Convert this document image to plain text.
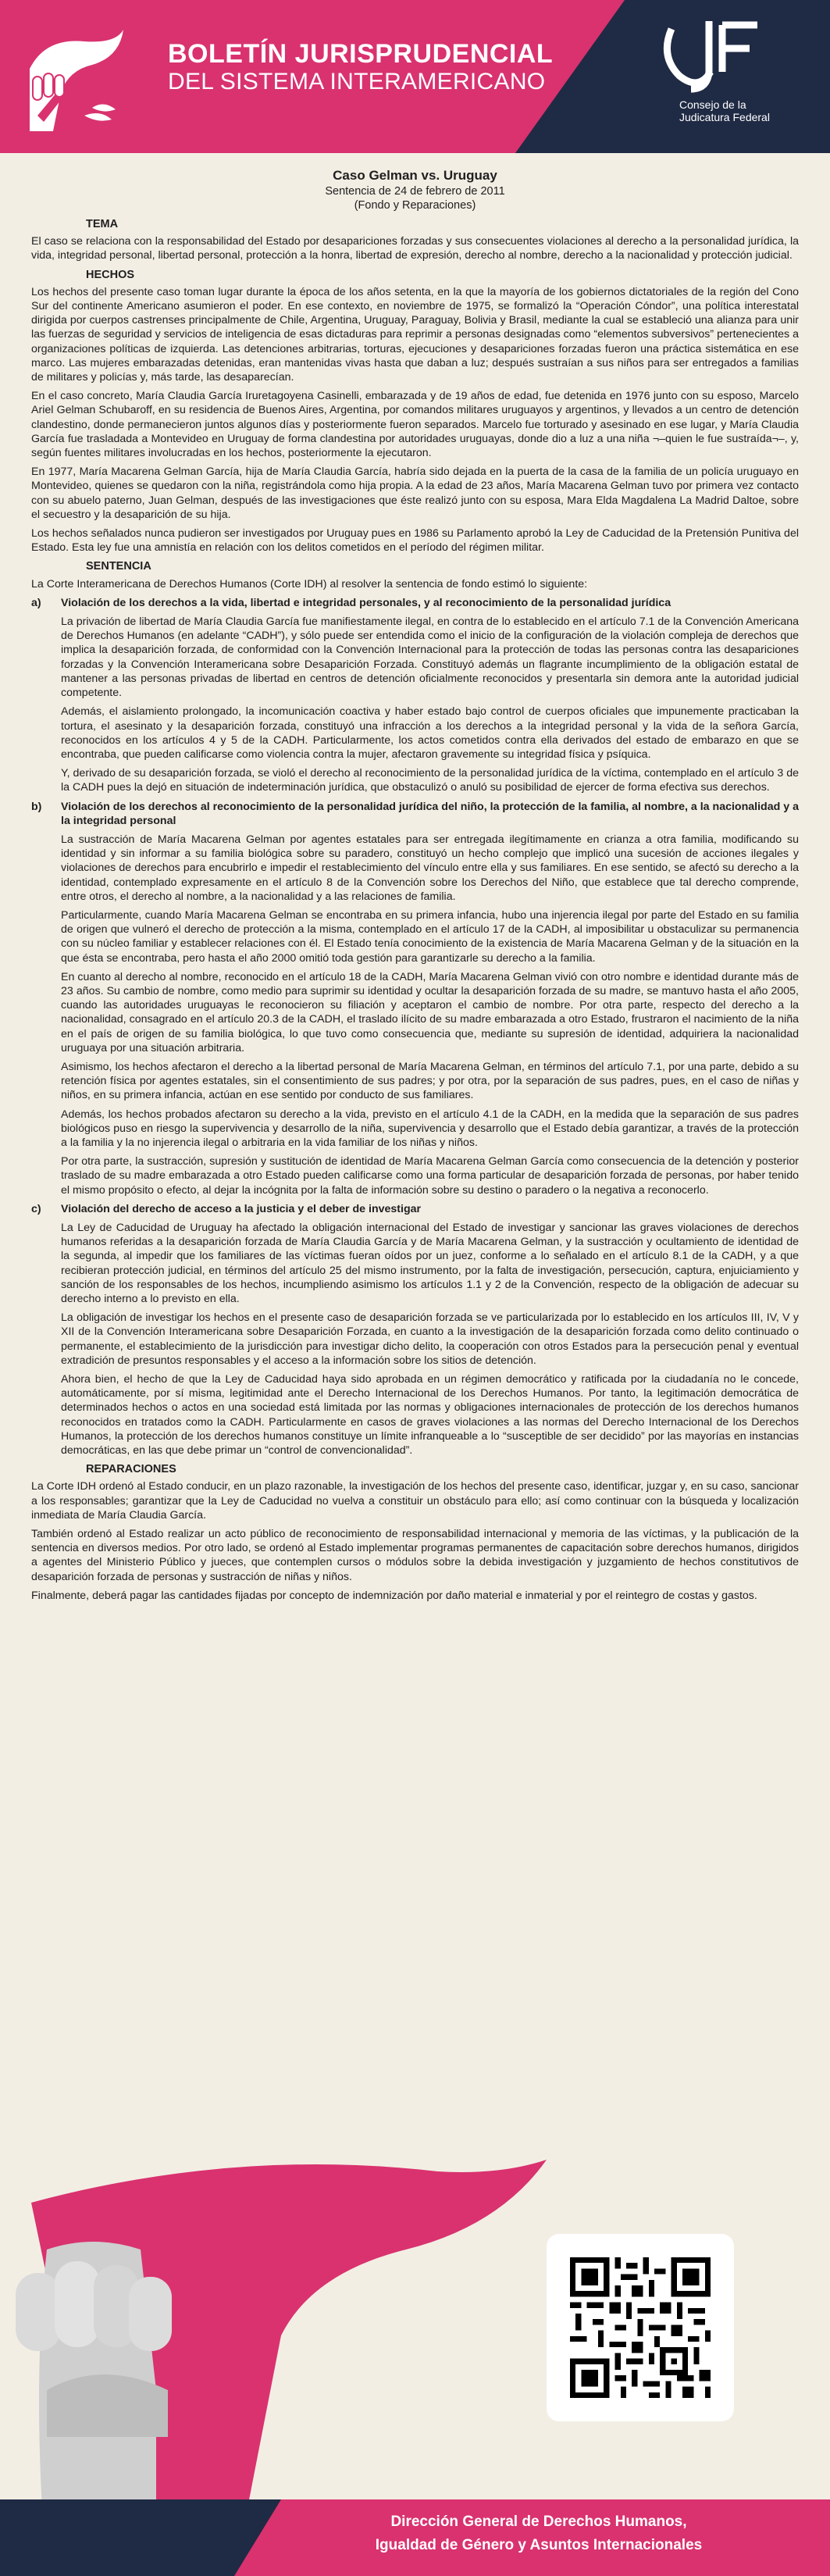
BOLETÍN JURISPRUDENCIAL
DEL SISTEMA INTERAMERICANO
Consejo de la Judicatura Federal
Caso Gelman vs. Uruguay
Sentencia de 24 de febrero de 2011
(Fondo y Reparaciones)
TEMA

El caso se relaciona con la responsabilidad del Estado por desapariciones forzadas y sus consecuentes violaciones al derecho a la personalidad jurídica, la vida, integridad personal, libertad personal, protección a la honra, libertad de expresión, derecho al nombre, derecho a la nacionalidad y protección judicial.

HECHOS

Los hechos del presente caso toman lugar durante la época de los años setenta, en la que la mayoría de los gobiernos dictatoriales de la región del Cono Sur del continente Americano asumieron el poder. En ese contexto, en noviembre de 1975, se formalizó la “Operación Cóndor”, una política interestatal dirigida por cuerpos castrenses principalmente de Chile, Argentina, Uruguay, Paraguay, Bolivia y Brasil, mediante la cual se estableció una alianza para unir las fuerzas de seguridad y servicios de inteligencia de esas dictaduras para reprimir a personas designadas como “elementos subversivos” pertenecientes a organizaciones políticas de izquierda. Las detenciones arbitrarias, torturas, ejecuciones y desapariciones forzadas fueron una práctica sistemática en ese marco. Las mujeres embarazadas detenidas, eran mantenidas vivas hasta que daban a luz; después sustraían a sus niños para ser entregados a familias de militares y policías y, más tarde, las desaparecían.

En el caso concreto, María Claudia García Iruretagoyena Casinelli, embarazada y de 19 años de edad, fue detenida en 1976 junto con su esposo, Marcelo Ariel Gelman Schubaroff, en su residencia de Buenos Aires, Argentina, por comandos militares uruguayos y argentinos, y llevados a un centro de detención clandestino, donde permanecieron juntos algunos días y posteriormente fueron separados. Marcelo fue torturado y asesinado en ese lugar, y María Claudia García fue trasladada a Montevideo en Uruguay de forma clandestina por autoridades uruguayas, donde dio a luz a una niña ¬–quien le fue sustraída¬–, y, según fuentes militares involucradas en los hechos, posteriormente la ejecutaron.

En 1977, María Macarena Gelman García, hija de María Claudia García, habría sido dejada en la puerta de la casa de la familia de un policía uruguayo en Montevideo, quienes se quedaron con la niña, registrándola como hija propia. A la edad de 23 años, María Macarena Gelman tuvo por primera vez contacto con su abuelo paterno, Juan Gelman, después de las investigaciones que éste realizó junto con su esposa, Mara Elda Magdalena La Madrid Daltoe, sobre el secuestro y la desaparición de su hija.

Los hechos señalados nunca pudieron ser investigados por Uruguay pues en 1986 su Parlamento aprobó la Ley de Caducidad de la Pretensión Punitiva del Estado. Esta ley fue una amnistía en relación con los delitos cometidos en el período del régimen militar.

SENTENCIA

La Corte Interamericana de Derechos Humanos (Corte IDH) al resolver la sentencia de fondo estimó lo siguiente:

a)	Violación de los derechos a la vida, libertad e integridad personales, y al reconocimiento de la personalidad jurídica

La privación de libertad de María Claudia García fue manifiestamente ilegal, en contra de lo establecido en el artículo 7.1 de la Convención Americana de Derechos Humanos (en adelante “CADH”), y sólo puede ser entendida como el inicio de la configuración de la violación compleja de derechos que implica la desaparición forzada, de conformidad con la Convención Internacional para la protección de todas las personas contra las desapariciones forzadas y la Convención Interamericana sobre Desaparición Forzada. Constituyó además un flagrante incumplimiento de la obligación estatal de mantener a las personas privadas de libertad en centros de detención oficialmente reconocidos y presentarla sin demora ante la autoridad judicial competente.

Además, el aislamiento prolongado, la incomunicación coactiva y haber estado bajo control de cuerpos oficiales que impunemente practicaban la tortura, el asesinato y la desaparición forzada, constituyó una infracción a los derechos a la integridad personal y la vida de la señora García, reconocidos en los artículos 4 y 5 de la CADH. Particularmente, los actos cometidos contra ella derivados del estado de embarazo en que se encontraba, que pueden calificarse como violencia contra la mujer, afectaron gravemente su integridad física y psíquica.

Y, derivado de su desaparición forzada, se violó el derecho al reconocimiento de la personalidad jurídica de la víctima, contemplado en el artículo 3 de la CADH pues la dejó en situación de indeterminación jurídica, que obstaculizó o anuló su posibilidad de ejercer de forma efectiva sus derechos.

b)	Violación de los derechos al reconocimiento de la personalidad jurídica del niño, la protección de la familia, al nombre, a la nacionalidad y a la integridad personal

La sustracción de María Macarena Gelman por agentes estatales para ser entregada ilegítimamente en crianza a otra familia, modificando su identidad y sin informar a su familia biológica sobre su paradero, constituyó un hecho complejo que implicó una sucesión de acciones ilegales y violaciones de derechos para encubrirlo e impedir el restablecimiento del vínculo entre ella y sus familiares. En ese sentido, se afectó su derecho a la identidad, contemplado expresamente en el artículo 8 de la Convención sobre los Derechos del Niño, que establece que tal derecho comprende, entre otros, el derecho al nombre, a la nacionalidad y a las relaciones de familia.

Particularmente, cuando María Macarena Gelman se encontraba en su primera infancia, hubo una injerencia ilegal por parte del Estado en su familia de origen que vulneró el derecho de protección a la misma, contemplado en el artículo 17 de la CADH, al imposibilitar u obstaculizar su permanencia con su núcleo familiar y establecer relaciones con él. El Estado tenía conocimiento de la existencia de María Macarena Gelman y de la situación en la que ésta se encontraba, pero hasta el año 2000 omitió toda gestión para garantizarle su derecho a la familia.

En cuanto al derecho al nombre, reconocido en el artículo 18 de la CADH, María Macarena Gelman vivió con otro nombre e identidad durante más de 23 años. Su cambio de nombre, como medio para suprimir su identidad y ocultar la desaparición forzada de su madre, se mantuvo hasta el año 2005, cuando las autoridades uruguayas le reconocieron su filiación y aceptaron el cambio de nombre. Por otra parte, respecto del derecho a la nacionalidad, consagrado en el artículo 20.3 de la CADH, el traslado ilícito de su madre embarazada a otro Estado, frustraron el nacimiento de la niña en el país de origen de su familia biológica, lo que tuvo como consecuencia que, mediante su supresión de identidad, adquiriera la nacionalidad uruguaya por una situación arbitraria.

Asimismo, los hechos afectaron el derecho a la libertad personal de María Macarena Gelman, en términos del artículo 7.1, por una parte, debido a su retención física por agentes estatales, sin el consentimiento de sus padres; y por otra, por la separación de sus padres, pues, en el caso de niñas y niños, en su primera infancia, actúan en ese sentido por conducto de sus familiares.

Además, los hechos probados afectaron su derecho a la vida, previsto en el artículo 4.1 de la CADH, en la medida que la separación de sus padres biológicos puso en riesgo la supervivencia y desarrollo de la niña, supervivencia y desarrollo que el Estado debía garantizar, a través de la protección a la familia y la no injerencia ilegal o arbitraria en la vida familiar de los niñas y niños.

Por otra parte, la sustracción, supresión y sustitución de identidad de María Macarena Gelman García como consecuencia de la detención y posterior traslado de su madre embarazada a otro Estado pueden calificarse como una forma particular de desaparición forzada de personas, por haber tenido el mismo propósito o efecto, al dejar la incógnita por la falta de información sobre su destino o paradero o la negativa a reconocerlo.

c)	Violación del derecho de acceso a la justicia y el deber de investigar

La Ley de Caducidad de Uruguay ha afectado la obligación internacional del Estado de investigar y sancionar las graves violaciones de derechos humanos referidas a la desaparición forzada de María Claudia García y de María Macarena Gelman, y la sustracción y ocultamiento de identidad de la segunda, al impedir que los familiares de las víctimas fueran oídos por un juez, conforme a lo señalado en el artículo 8.1 de la CADH, y a que recibieran protección judicial, en términos del artículo 25 del mismo instrumento, por la falta de investigación, persecución, captura, enjuiciamiento y sanción de los responsables de los hechos, incumpliendo asimismo los artículos 1.1 y 2 de la Convención, respecto de la obligación de adecuar su derecho interno a lo previsto en ella.

La obligación de investigar los hechos en el presente caso de desaparición forzada se ve particularizada por lo establecido en los artículos III, IV, V y XII de la Convención Interamericana sobre Desaparición Forzada, en cuanto a la investigación de la desaparición forzada como delito continuado o permanente, el establecimiento de la jurisdicción para investigar dicho delito, la cooperación con otros Estados para la persecución penal y eventual extradición de presuntos responsables y el acceso a la información sobre los sitios de detención.

Ahora bien, el hecho de que la Ley de Caducidad haya sido aprobada en un régimen democrático y ratificada por la ciudadanía no le concede, automáticamente, por sí misma, legitimidad ante el Derecho Internacional de los Derechos Humanos. Por tanto, la legitimación democrática de determinados hechos o actos en una sociedad está limitada por las normas y obligaciones internacionales de protección de los derechos humanos reconocidos en tratados como la CADH. Particularmente en casos de graves violaciones a las normas del Derecho Internacional de los Derechos Humanos, la protección de los derechos humanos constituye un límite infranqueable a lo “susceptible de ser decidido” por las mayorías en instancias democráticas, en las que debe primar un “control de convencionalidad”.

REPARACIONES

La Corte IDH ordenó al Estado conducir, en un plazo razonable, la investigación de los hechos del presente caso, identificar, juzgar y, en su caso, sancionar a los responsables; garantizar que la Ley de Caducidad no vuelva a constituir un obstáculo para ello; así como continuar con la búsqueda y localización inmediata de María Claudia García.

También ordenó al Estado realizar un acto público de reconocimiento de responsabilidad internacional y memoria de las víctimas, y la publicación de la sentencia en diversos medios. Por otro lado, se ordenó al Estado implementar programas permanentes de capacitación sobre derechos humanos, dirigidos a agentes del Ministerio Público y jueces, que contemplen cursos o módulos sobre la debida investigación y juzgamiento de hechos constitutivos de desaparición forzada de personas y sustracción de niñas y niños.

Finalmente, deberá pagar las cantidades fijadas por concepto de indemnización por daño material e inmaterial y por el reintegro de costas y gastos.

Dirección General de Derechos Humanos,
Igualdad de Género y Asuntos Internacionales
